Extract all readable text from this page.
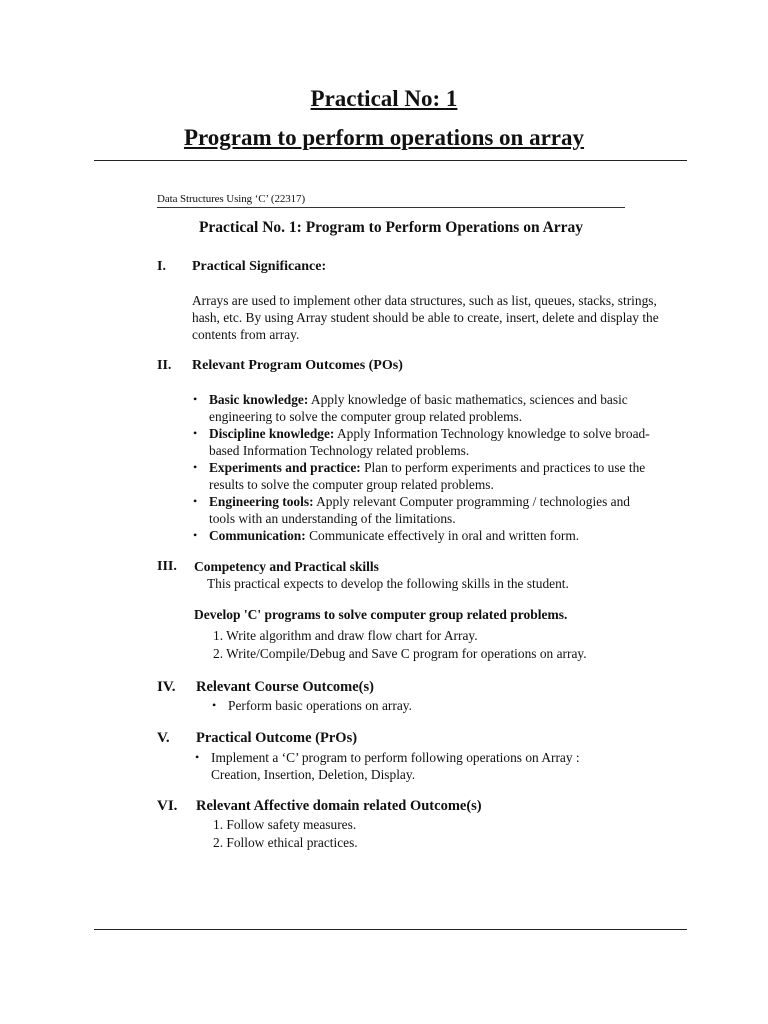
Practical No: 1
Program to perform operations on array
Data Structures Using ‘C’ (22317)
Practical No. 1: Program to Perform Operations on Array
I. Practical Significance:
Arrays are used to implement other data structures, such as list, queues, stacks, strings,
hash, etc. By using Array student should be able to create, insert, delete and display the
contents from array.
II. Relevant Program Outcomes (POs)
• Basic knowledge: Apply knowledge of basic mathematics, sciences and basic
engineering to solve the computer group related problems.
• Discipline knowledge: Apply Information Technology knowledge to solve broad-
based Information Technology related problems.
• Experiments and practice: Plan to perform experiments and practices to use the
results to solve the computer group related problems.
• Engineering tools: Apply relevant Computer programming / technologies and
tools with an understanding of the limitations.
• Communication: Communicate effectively in oral and written form.
III. Competency and Practical skills
This practical expects to develop the following skills in the student.
Develop 'C' programs to solve computer group related problems.
1. Write algorithm and draw flow chart for Array.
2. Write/Compile/Debug and Save C program for operations on array.
IV. Relevant Course Outcome(s)
• Perform basic operations on array.
V. Practical Outcome (PrOs)
• Implement a ‘C’ program to perform following operations on Array :
Creation, Insertion, Deletion, Display.
VI. Relevant Affective domain related Outcome(s)
1. Follow safety measures.
2. Follow ethical practices.
